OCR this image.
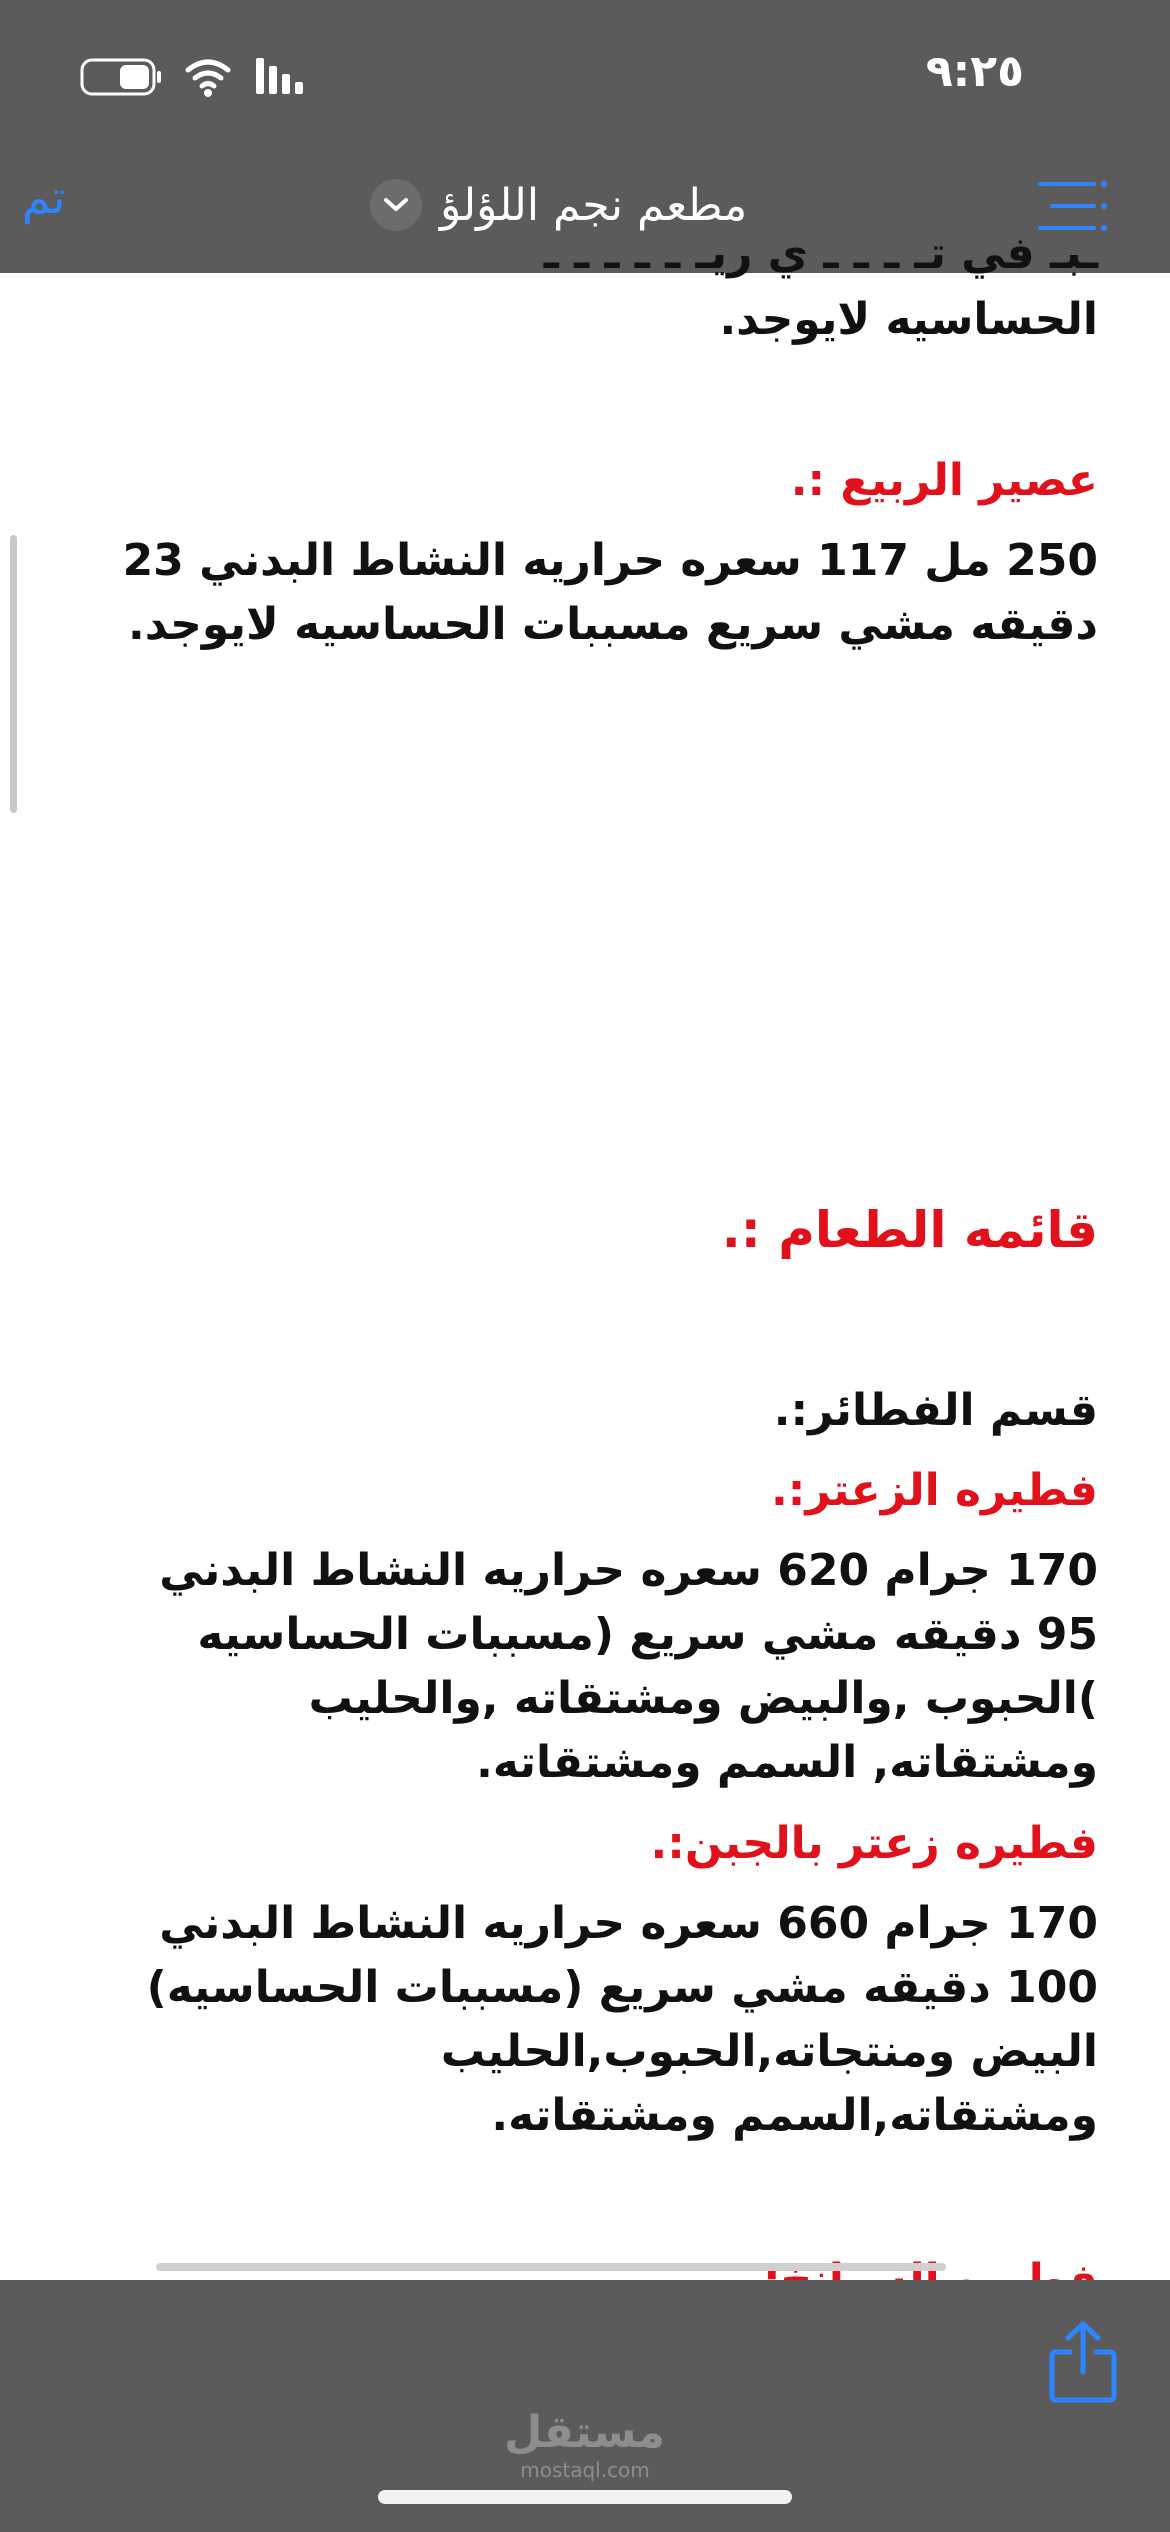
٩:٢٥
تم	مطعم نجم اللؤلؤ
ـبـ في تـ ـ ـ ـ ي ريـ ـ ـ ـ ـ ـ
الحساسيه لايوجد.
عصير الربيع :.
250 مل 117 سعره حراريه النشاط البدني 23 دقيقه مشي سريع مسببات الحساسيه لايوجد.
قائمه الطعام :.
قسم الفطائر:.
فطيره الزعتر:.
170 جرام 620 سعره حراريه النشاط البدني 95 دقيقه مشي سريع (مسببات الحساسيه )الحبوب ,والبيض ومشتقاته ,والحليب ومشتقاته, السمم ومشتقاته.
فطيره زعتر بالجبن:.
170 جرام 660 سعره حراريه النشاط البدني 100 دقيقه مشي سريع (مسببات الحساسيه) البيض ومنتجاته,الحبوب,الحليب ومشتقاته,السمم ومشتقاته.
مستقل
mostaql.com
